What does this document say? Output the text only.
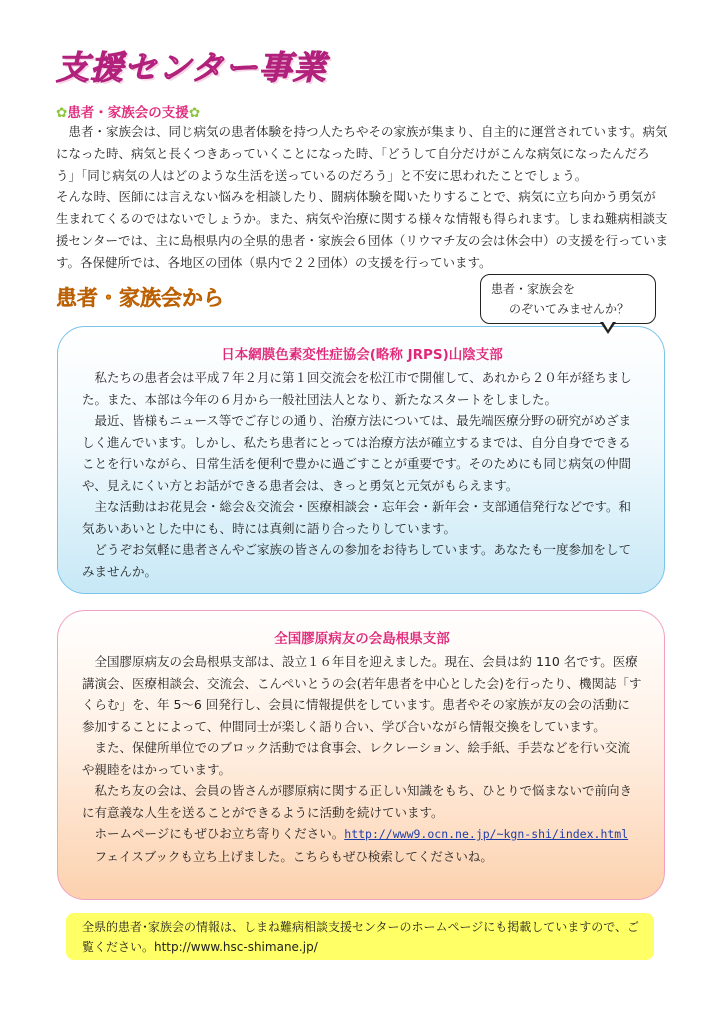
支援センター事業
✿患者・家族会の支援✿

　患者・家族会は、同じ病気の患者体験を持つ人たちやその家族が集まり、自主的に運営されています。病気になった時、病気と長くつきあっていくことになった時、「どうして自分だけがこんな病気になったんだろう」「同じ病気の人はどのような生活を送っているのだろう」と不安に思われたことでしょう。

そんな時、医師には言えない悩みを相談したり、闘病体験を聞いたりすることで、病気に立ち向かう勇気が生まれてくるのではないでしょうか。また、病気や治療に関する様々な情報も得られます。しまね難病相談支援センターでは、主に島根県内の全県的患者・家族会６団体（リウマチ友の会は休会中）の支援を行っています。各保健所では、各地区の団体（県内で２２団体）の支援を行っています。

患者・家族会から	患者・家族会を
のぞいてみませんか？
日本網膜色素変性症協会(略称 JRPS)山陰支部

　私たちの患者会は平成７年２月に第１回交流会を松江市で開催して、あれから２０年が経ちました。また、本部は今年の６月から一般社団法人となり、新たなスタートをしました。

　最近、皆様もニュース等でご存じの通り、治療方法については、最先端医療分野の研究がめざましく進んでいます。しかし、私たち患者にとっては治療方法が確立するまでは、自分自身でできることを行いながら、日常生活を便利で豊かに過ごすことが重要です。そのためにも同じ病気の仲間や、見えにくい方とお話ができる患者会は、きっと勇気と元気がもらえます。

　主な活動はお花見会・総会＆交流会・医療相談会・忘年会・新年会・支部通信発行などです。和気あいあいとした中にも、時には真剣に語り合ったりしています。

　どうぞお気軽に患者さんやご家族の皆さんの参加をお待ちしています。あなたも一度参加をしてみませんか。

全国膠原病友の会島根県支部

　全国膠原病友の会島根県支部は、設立１６年目を迎えました。現在、会員は約 110 名です。医療講演会、医療相談会、交流会、こんぺいとうの会(若年患者を中心とした会)を行ったり、機関誌「すくらむ」を、年 5～6 回発行し、会員に情報提供をしています。患者やその家族が友の会の活動に参加することによって、仲間同士が楽しく語り合い、学び合いながら情報交換をしています。

　また、保健所単位でのブロック活動では食事会、レクレーション、絵手紙、手芸などを行い交流や親睦をはかっています。

　私たち友の会は、会員の皆さんが膠原病に関する正しい知識をもち、ひとりで悩まないで前向きに有意義な人生を送ることができるように活動を続けています。

　ホームページにもぜひお立ち寄りください。http://www9.ocn.ne.jp/~kgn-shi/index.html

　フェイスブックも立ち上げました。こちらもぜひ検索してくださいね。

全県的患者･家族会の情報は、しまね難病相談支援センターのホームページにも掲載していますので、ご覧ください。http://www.hsc-shimane.jp/
